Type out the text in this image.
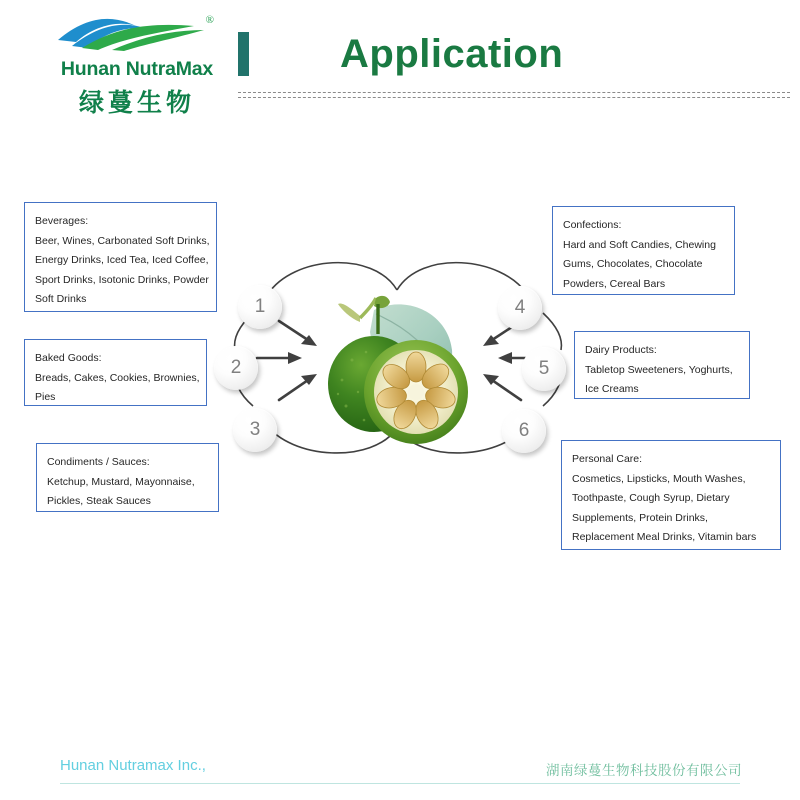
®
Hunan NutraMax
绿蔓生物
Application
1
2
3
4
5
6
Beverages:
Beer, Wines, Carbonated Soft Drinks,
Energy Drinks, Iced Tea, Iced Coffee,
Sport Drinks, Isotonic Drinks, Powder
Soft Drinks
Baked Goods:
Breads, Cakes, Cookies, Brownies,
Pies
Condiments / Sauces:
Ketchup, Mustard, Mayonnaise,
Pickles, Steak Sauces
Confections:
Hard and Soft Candies, Chewing
Gums, Chocolates, Chocolate
Powders, Cereal Bars
Dairy Products:
Tabletop Sweeteners, Yoghurts,
Ice Creams
Personal Care:
Cosmetics, Lipsticks, Mouth Washes,
Toothpaste, Cough Syrup, Dietary
Supplements, Protein Drinks,
Replacement Meal Drinks, Vitamin bars
Hunan Nutramax Inc.,	湖南绿蔓生物科技股份有限公司
